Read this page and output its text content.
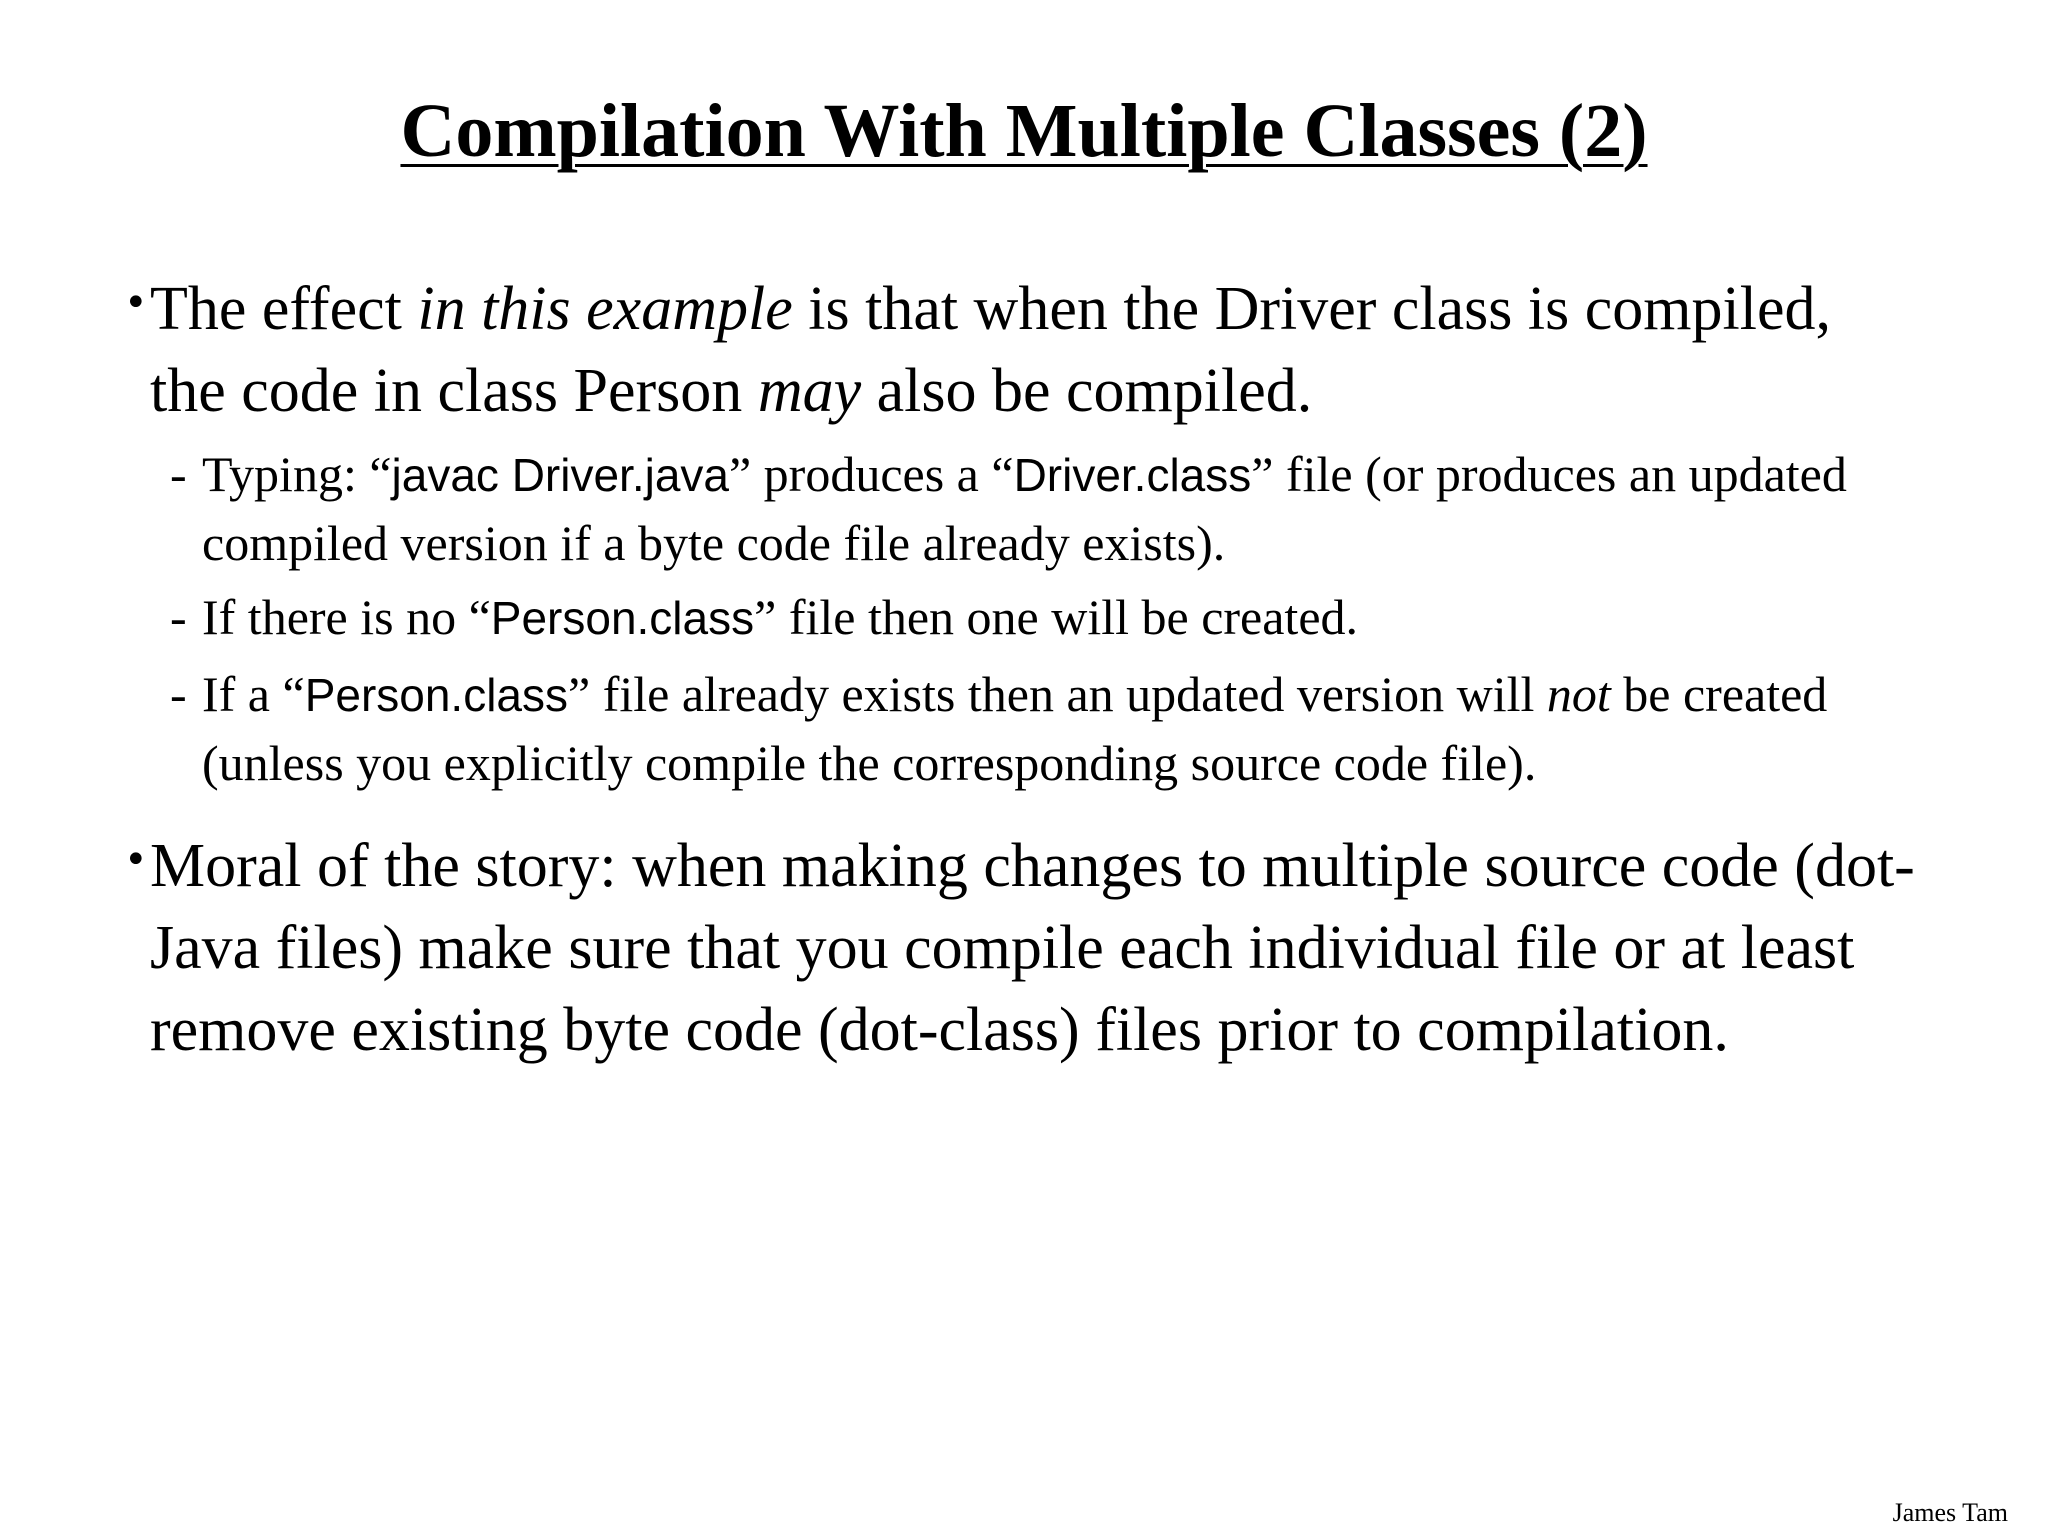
Compilation With Multiple Classes (2)
• The effect in this example is that when the Driver class is compiled, the code in class Person may also be compiled.
- Typing: “javac Driver.java” produces a “Driver.class” file (or produces an updated compiled version if a byte code file already exists).
- If there is no “Person.class” file then one will be created.
- If a “Person.class” file already exists then an updated version will not be created (unless you explicitly compile the corresponding source code file).
• Moral of the story: when making changes to multiple source code (dot-Java files) make sure that you compile each individual file or at least remove existing byte code (dot-class) files prior to compilation.
James Tam
